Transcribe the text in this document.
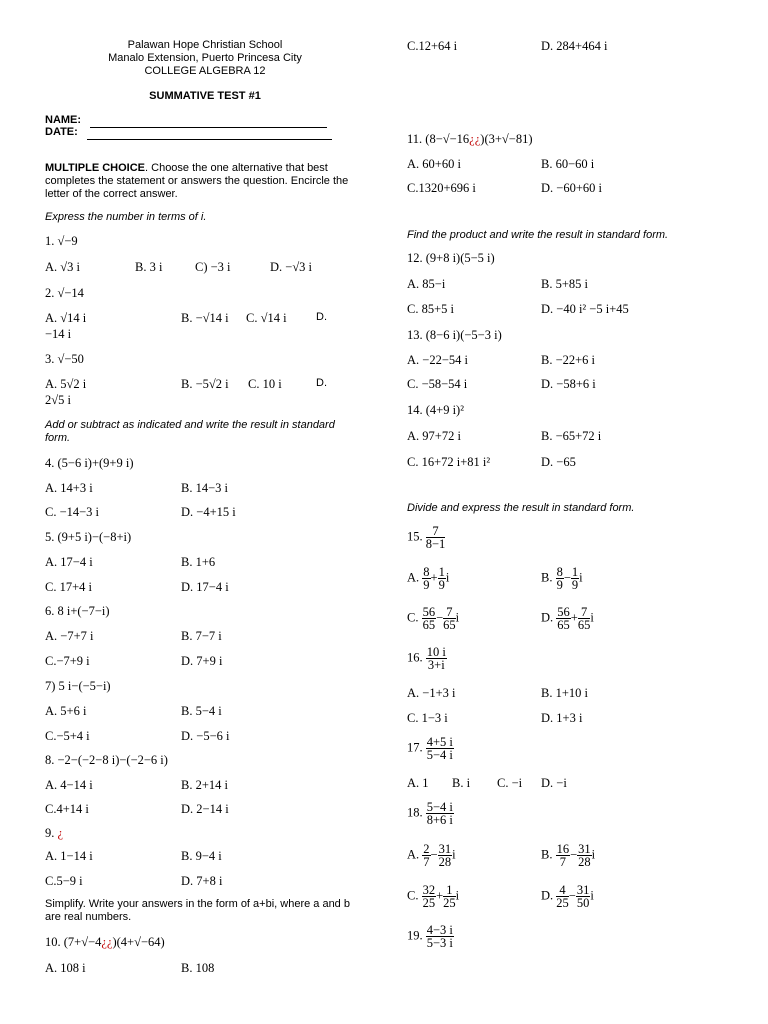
Palawan Hope Christian School
Manalo Extension, Puerto Princesa City
COLLEGE ALGEBRA 12
SUMMATIVE TEST #1
NAME:
DATE:
MULTIPLE CHOICE. Choose the one alternative that best completes the statement or answers the question. Encircle the letter of the correct answer.
Express the number in terms of i.
1. √−9
A. √3 i	B. 3 i	C) −3 i	D. −√3 i
2. √−14
A. √14 i	B. −√14 i C. √14 i	D.
−14 i
3. √−50
A. 5√2 i	B. −5√2 i C. 10 i	D.
2√5 i
Add or subtract as indicated and write the result in standard form.
4. (5−6 i)+(9+9 i)
A. 14+3 i	B. 14−3 i
C. −14−3 i	D. −4+15 i
5. (9+5 i)−(−8+i)
A. 17−4 i	B. 1+6
C. 17+4 i	D. 17−4 i
6. 8 i+(−7−i)
A. −7+7 i	B. 7−7 i
C.−7+9 i	D. 7+9 i
7) 5 i−(−5−i)
A. 5+6 i	B. 5−4 i
C.−5+4 i	D. −5−6 i
8. −2−(−2−8 i)−(−2−6 i)
A. 4−14 i	B. 2+14 i
C.4+14 i	D. 2−14 i
9. ¿
A. 1−14 i	B. 9−4 i
C.5−9 i	D. 7+8 i
Simplify. Write your answers in the form of a+bi, where a and b are real numbers.
10. (7+√−4¿¿)(4+√−64)
A. 108 i	B. 108
C.12+64 i	D. 284+464 i
11. (8−√−16¿¿)(3+√−81)
A. 60+60 i	B. 60−60 i
C.1320+696 i	D. −60+60 i
Find the product and write the result in standard form.
12. (9+8 i)(5−5 i)
A. 85−i	B. 5+85 i
C. 85+5 i	D. −40 i² −5 i+45
13. (8−6 i)(−5−3 i)
A. −22−54 i	B. −22+6 i
C. −58−54 i	D. −58+6 i
14. (4+9 i)²
A. 97+72 i	B. −65+72 i
C. 16+72 i+81 i²	D. −65
Divide and express the result in standard form.
15. $\frac{7}{8-1}$
A. $\frac{8}{9} + \frac{1}{9}$ i	B. $\frac{8}{9} - \frac{1}{9}$ i
C. $\frac{56}{65} - \frac{7}{65}$ i	D. $\frac{56}{65} + \frac{7}{65}$ i
16. $\frac{10 i}{3+i}$
A. −1+3 i	B. 1+10 i
C. 1−3 i	D. 1+3 i
17. $\frac{4+5 i}{5-4 i}$
A. 1 B. i C. −i D. −i
18. $\frac{5-4 i}{8+6 i}$
A. $\frac{2}{7} - \frac{31}{28}$ i	B. $\frac{16}{7} - \frac{31}{28}$ i
C. $\frac{32}{25} + \frac{1}{25}$ i	D. $\frac{4}{25} - \frac{31}{50}$ i
19. $\frac{4-3 i}{5-3 i}$
